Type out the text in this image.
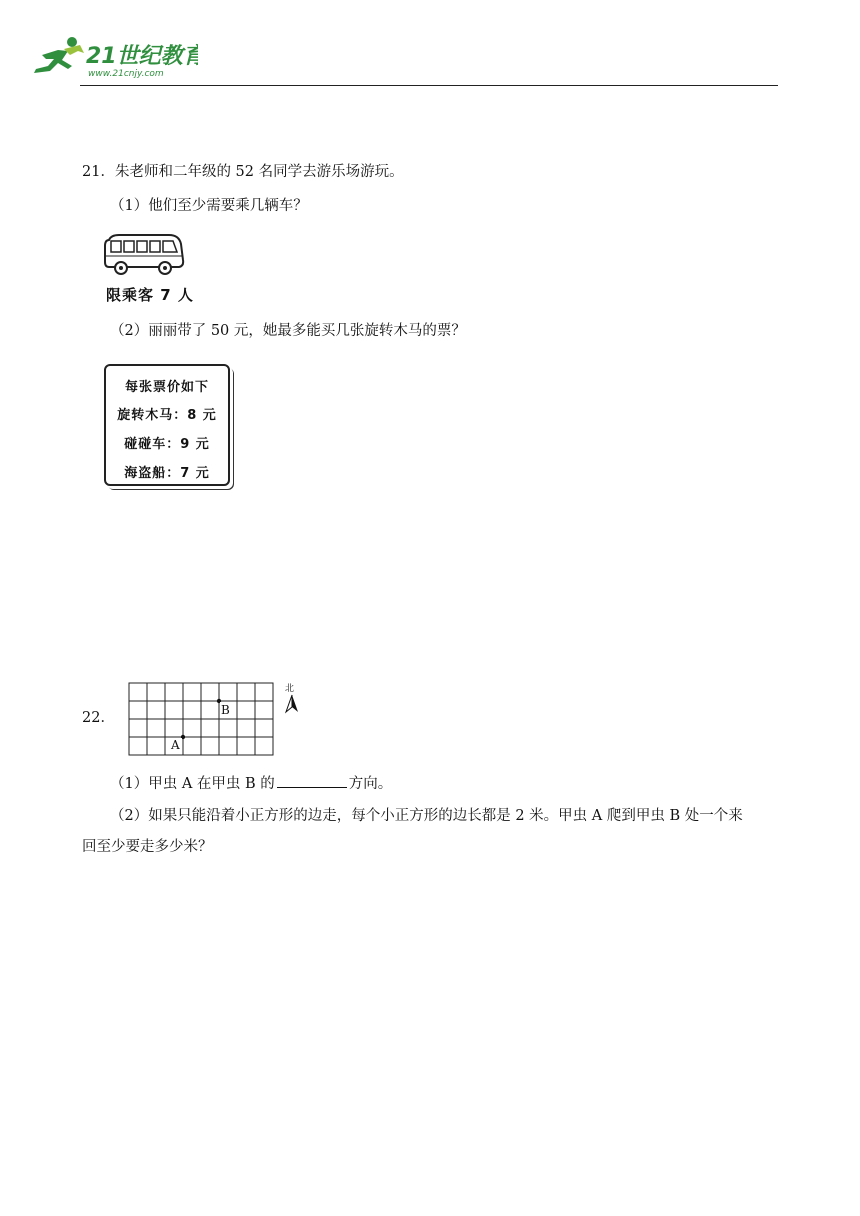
21世纪教育
www.21cnjy.com
21．朱老师和二年级的 52 名同学去游乐场游玩。
（1）他们至少需要乘几辆车？
限乘客 7 人
（2）丽丽带了 50 元，她最多能买几张旋转木马的票？
每张票价如下
旋转木马：8 元
碰碰车：9 元
海盗船：7 元
22．	B
A
北
（1）甲虫 A 在甲虫 B 的	方向。
（2）如果只能沿着小正方形的边走，每个小正方形的边长都是 2 米。甲虫 A 爬到甲虫 B 处一个来
回至少要走多少米？
